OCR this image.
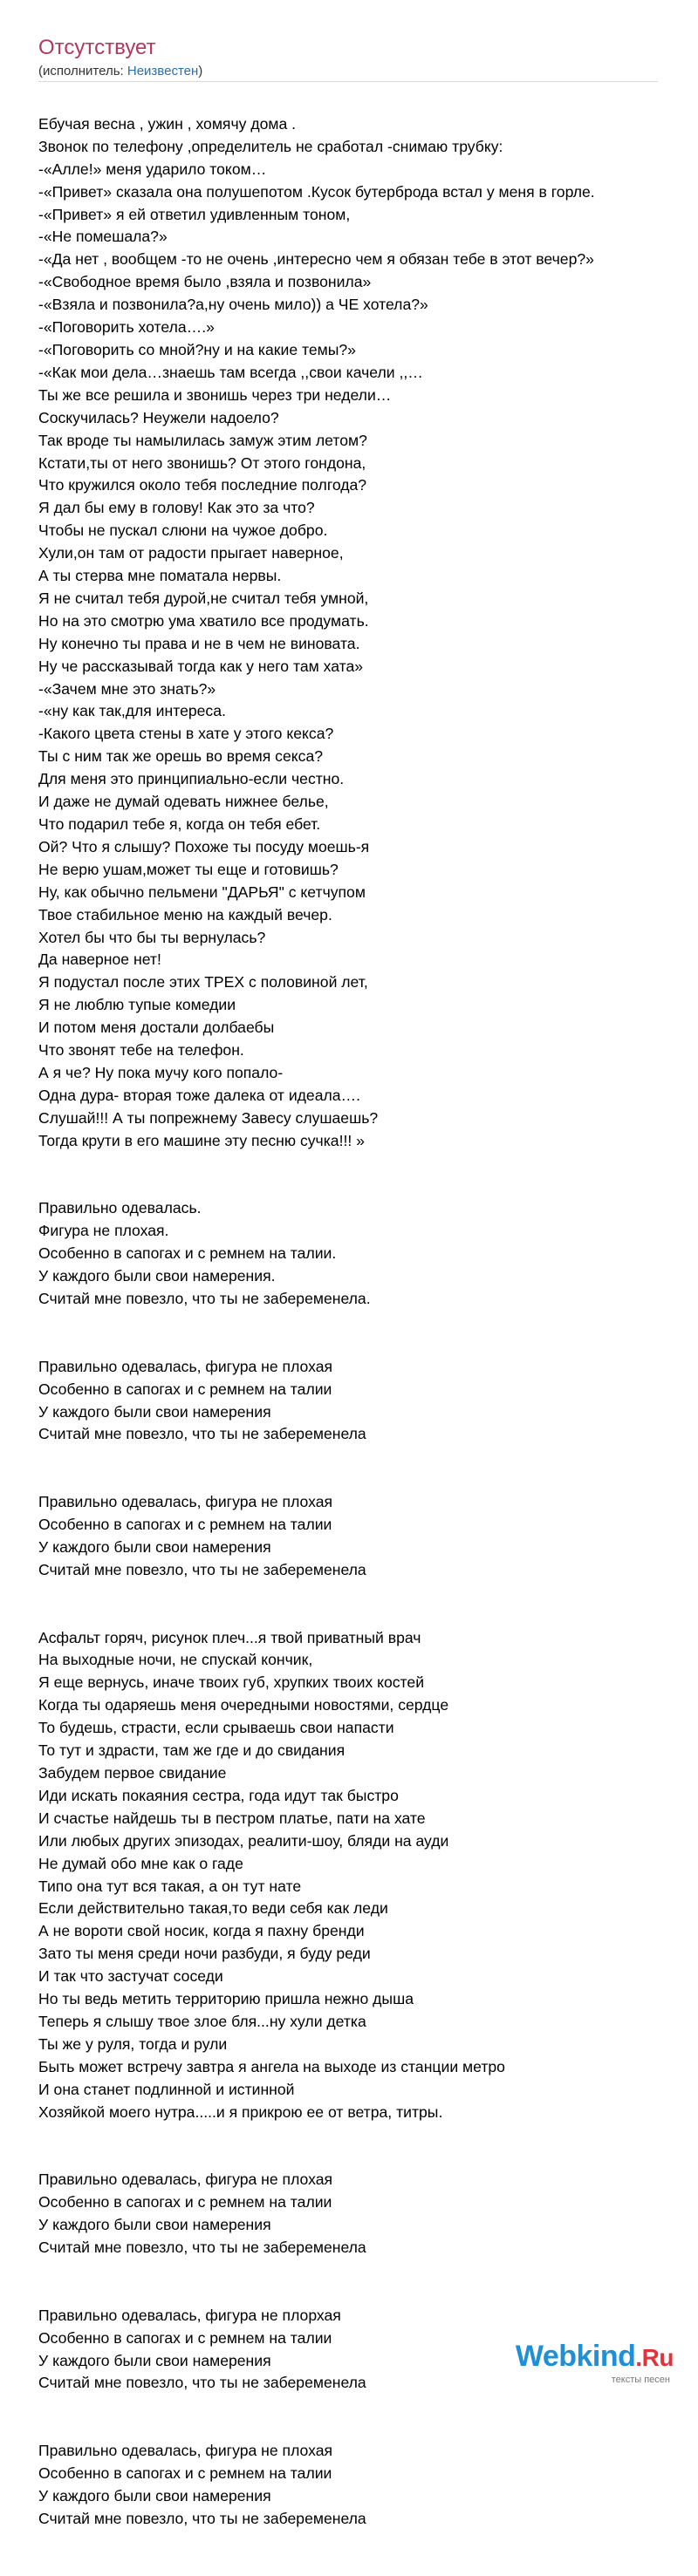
Отсутствует
(исполнитель: Неизвестен)

Ебучая весна , ужин , хомячу дома .
Звонок по телефону ,определитель не сработал -снимаю трубку:
-«Алле!» меня ударило током…
-«Привет» сказала она полушепотом .Кусок бутерброда встал у меня в горле.
-«Привет» я ей ответил удивленным тоном,
-«Не помешала?»
-«Да нет , вообщем -то не очень ,интересно чем я обязан тебе в этот вечер?»
-«Свободное время было ,взяла и позвонила»
-«Взяла и позвонила?а,ну очень мило)) а ЧЕ хотела?»
-«Поговорить хотела….»
-«Поговорить со мной?ну и на какие темы?»
-«Как мои дела…знаешь там всегда ,,свои качели ,,…
Ты же все решила и звонишь через три недели…
Соскучилась? Неужели надоело?
Так вроде ты намылилась замуж этим летом?
Кстати,ты от него звонишь? От этого гондона,
Что кружился около тебя последние полгода?
Я дал бы ему в голову! Как это за что?
Чтобы не пускал слюни на чужое добро.
Хули,он там от радости прыгает наверное,
А ты стерва мне поматала нервы.
Я не считал тебя дурой,не считал тебя умной,
Но на это смотрю ума хватило все продумать.
Ну конечно ты права и не в чем не виновата.
Ну че рассказывай тогда как у него там хата»
-«Зачем мне это знать?»
-«ну как так,для интереса.
-Какого цвета стены в хате у этого кекса?
Ты с ним так же орешь во время секса?
Для меня это принципиально-если честно.
И даже не думай одевать нижнее белье,
Что подарил тебе я, когда он тебя ебет.
Ой? Что я слышу? Похоже ты посуду моешь-я
Не верю ушам,может ты еще и готовишь?
Ну, как обычно пельмени "ДАРЬЯ" с кетчупом
Твое стабильное меню на каждый вечер.
Хотел бы что бы ты вернулась?
Да наверное нет!
Я подустал после этих ТРЕХ с половиной лет,
Я не люблю тупые комедии
И потом меня достали долбаебы
Что звонят тебе на телефон.
А я че? Ну пока мучу кого попало-
Одна дура- вторая тоже далека от идеала….
Слушай!!! А ты попрежнему Завесу слушаешь?
Тогда крути в его машине эту песню сучка!!! »

Правильно одевалась.
Фигура не плохая.
Особенно в сапогах и с ремнем на талии.
У каждого были свои намерения.
Считай мне повезло, что ты не забеременела.

Правильно одевалась, фигура не плохая
Особенно в сапогах и с ремнем на талии
У каждого были свои намерения
Считай мне повезло, что ты не забеременела

Правильно одевалась, фигура не плохая
Особенно в сапогах и с ремнем на талии
У каждого были свои намерения
Считай мне повезло, что ты не забеременела

Асфальт горяч, рисунок плеч...я твой приватный врач
На выходные ночи, не спускай кончик,
Я еще вернусь, иначе твоих губ, хрупких твоих костей
Когда ты одаряешь меня очередными новостями, сердце
То будешь, страсти, если срываешь свои напасти
То тут и здрасти, там же где и до свидания
Забудем первое свидание
Иди искать покаяния сестра, года идут так быстро
И счастье найдешь ты в пестром платье, пати на хате
Или любых других эпизодах, реалити-шоу, бляди на ауди
Не думай обо мне как о гаде
Типо она тут вся такая, а он тут нате
Если действительно такая,то веди себя как леди
А не вороти свой носик, когда я пахну бренди
Зато ты меня среди ночи разбуди, я буду реди
И так что застучат соседи
Но ты ведь метить территорию пришла нежно дыша
Теперь я слышу твое злое бля...ну хули детка
Ты же у руля, тогда и рули
Быть может встречу завтра я ангела на выходе из станции метро
И она станет подлинной и истинной
Хозяйкой моего нутра.....и я прикрою ее от ветра, титры.

Правильно одевалась, фигура не плохая
Особенно в сапогах и с ремнем на талии
У каждого были свои намерения
Считай мне повезло, что ты не забеременела

Правильно одевалась, фигура не плорхая
Особенно в сапогах и с ремнем на талии
У каждого были свои намерения
Считай мне повезло, что ты не забеременела

Правильно одевалась, фигура не плохая
Особенно в сапогах и с ремнем на талии
У каждого были свои намерения
Считай мне повезло, что ты не забеременела

Webkind.Ru
тексты песен
